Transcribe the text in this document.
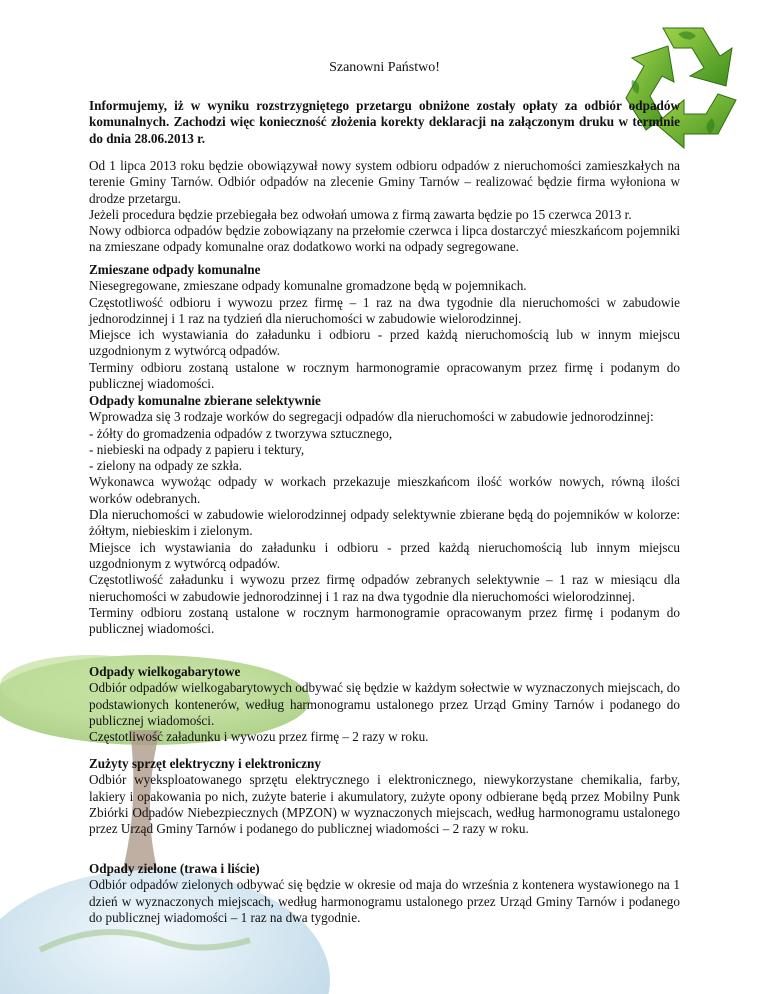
Szanowni Państwo!

Informujemy, iż w wyniku rozstrzygniętego przetargu obniżone zostały opłaty za odbiór odpadów komunalnych. Zachodzi więc konieczność złożenia korekty deklaracji na załączonym druku w terminie do dnia 28.06.2013 r.

Od 1 lipca 2013 roku będzie obowiązywał nowy system odbioru odpadów z nieruchomości zamieszkałych na terenie Gminy Tarnów. Odbiór odpadów na zlecenie Gminy Tarnów – realizować będzie firma wyłoniona w drodze przetargu.

Jeżeli procedura będzie przebiegała bez odwołań umowa z firmą zawarta będzie po 15 czerwca 2013 r.

Nowy odbiorca odpadów będzie zobowiązany na przełomie czerwca i lipca dostarczyć mieszkańcom pojemniki na zmieszane odpady komunalne oraz dodatkowo worki na odpady segregowane.

Zmieszane odpady komunalne

Niesegregowane, zmieszane odpady komunalne gromadzone będą w pojemnikach.

Częstotliwość odbioru i wywozu przez firmę – 1 raz na dwa tygodnie dla nieruchomości w zabudowie jednorodzinnej i 1 raz na tydzień dla nieruchomości w zabudowie wielorodzinnej.

Miejsce ich wystawiania do załadunku i odbioru - przed każdą nieruchomością lub w innym miejscu uzgodnionym z wytwórcą odpadów.

Terminy odbioru zostaną ustalone w rocznym harmonogramie opracowanym przez firmę i podanym do publicznej wiadomości.

Odpady komunalne zbierane selektywnie

Wprowadza się 3 rodzaje worków do segregacji odpadów dla nieruchomości w zabudowie jednorodzinnej:

- żółty do gromadzenia odpadów z tworzywa sztucznego,

- niebieski na odpady z papieru i tektury,

- zielony na odpady ze szkła.

Wykonawca wywożąc odpady w workach przekazuje mieszkańcom ilość worków nowych, równą ilości worków odebranych.

Dla nieruchomości w zabudowie wielorodzinnej odpady selektywnie zbierane będą do pojemników w kolorze: żółtym, niebieskim i zielonym.

Miejsce ich wystawiania do załadunku i odbioru - przed każdą nieruchomością lub innym miejscu uzgodnionym z wytwórcą odpadów.

Częstotliwość załadunku i wywozu przez firmę odpadów zebranych selektywnie – 1 raz w miesiącu dla nieruchomości w zabudowie jednorodzinnej i 1 raz na dwa tygodnie dla nieruchomości wielorodzinnej.

Terminy odbioru zostaną ustalone w rocznym harmonogramie opracowanym przez firmę i podanym do publicznej wiadomości.

Odpady wielkogabarytowe

Odbiór odpadów wielkogabarytowych odbywać się będzie w każdym sołectwie w wyznaczonych miejscach, do podstawionych kontenerów, według harmonogramu ustalonego przez Urząd Gminy Tarnów i podanego do publicznej wiadomości.

Częstotliwość załadunku i wywozu przez firmę – 2 razy w roku.

Zużyty sprzęt elektryczny i elektroniczny

Odbiór wyeksploatowanego sprzętu elektrycznego i elektronicznego, niewykorzystane chemikalia, farby, lakiery i opakowania po nich, zużyte baterie i akumulatory, zużyte opony odbierane będą przez Mobilny Punk Zbiórki Odpadów Niebezpiecznych (MPZON) w wyznaczonych miejscach, według harmonogramu ustalonego przez Urząd Gminy Tarnów i podanego do publicznej wiadomości – 2 razy w roku.

Odpady zielone (trawa i liście)

Odbiór odpadów zielonych odbywać się będzie w okresie od maja do września z kontenera wystawionego na 1 dzień w wyznaczonych miejscach, według harmonogramu ustalonego przez Urząd Gminy Tarnów i podanego do publicznej wiadomości – 1 raz na dwa tygodnie.
